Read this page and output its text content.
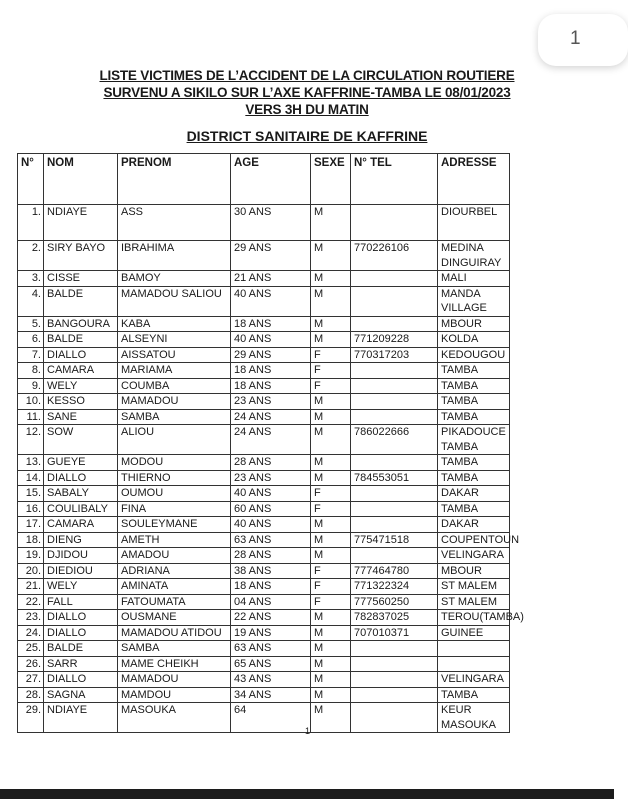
1
LISTE VICTIMES DE L’ACCIDENT DE LA CIRCULATION ROUTIERE
SURVENU A SIKILO SUR L’AXE KAFFRINE-TAMBA LE 08/01/2023
VERS 3H DU MATIN
DISTRICT SANITAIRE DE KAFFRINE
N°	NOM	PRENOM	AGE	SEXE	N° TEL	ADRESSE
1.	NDIAYE	ASS	30 ANS	M		DIOURBEL
2.	SIRY BAYO	IBRAHIMA	29 ANS	M	770226106	MEDINA DINGUIRAY
3.	CISSE	BAMOY	21 ANS	M		MALI
4.	BALDE	MAMADOU SALIOU	40 ANS	M		MANDA VILLAGE
5.	BANGOURA	KABA	18 ANS	M		MBOUR
6.	BALDE	ALSEYNI	40 ANS	M	771209228	KOLDA
7.	DIALLO	AISSATOU	29 ANS	F	770317203	KEDOUGOU
8.	CAMARA	MARIAMA	18 ANS	F		TAMBA
9.	WELY	COUMBA	18 ANS	F		TAMBA
10.	KESSO	MAMADOU	23 ANS	M		TAMBA
11.	SANE	SAMBA	24 ANS	M		TAMBA
12.	SOW	ALIOU	24 ANS	M	786022666	PIKADOUCE TAMBA
13.	GUEYE	MODOU	28 ANS	M		TAMBA
14.	DIALLO	THIERNO	23 ANS	M	784553051	TAMBA
15.	SABALY	OUMOU	40 ANS	F		DAKAR
16.	COULIBALY	FINA	60 ANS	F		TAMBA
17.	CAMARA	SOULEYMANE	40 ANS	M		DAKAR
18.	DIENG	AMETH	63 ANS	M	775471518	COUPENTOUN
19.	DJIDOU	AMADOU	28 ANS	M		VELINGARA
20.	DIEDIOU	ADRIANA	38 ANS	F	777464780	MBOUR
21.	WELY	AMINATA	18 ANS	F	771322324	ST MALEM
22.	FALL	FATOUMATA	04 ANS	F	777560250	ST MALEM
23.	DIALLO	OUSMANE	22 ANS	M	782837025	TEROU(TAMBA)
24.	DIALLO	MAMADOU ATIDOU	19 ANS	M	707010371	GUINEE
25.	BALDE	SAMBA	63 ANS	M		
26.	SARR	MAME CHEIKH	65 ANS	M		
27.	DIALLO	MAMADOU	43 ANS	M		VELINGARA
28.	SAGNA	MAMDOU	34 ANS	M		TAMBA
29.	NDIAYE	MASOUKA	64	M		KEUR MASOUKA
1
